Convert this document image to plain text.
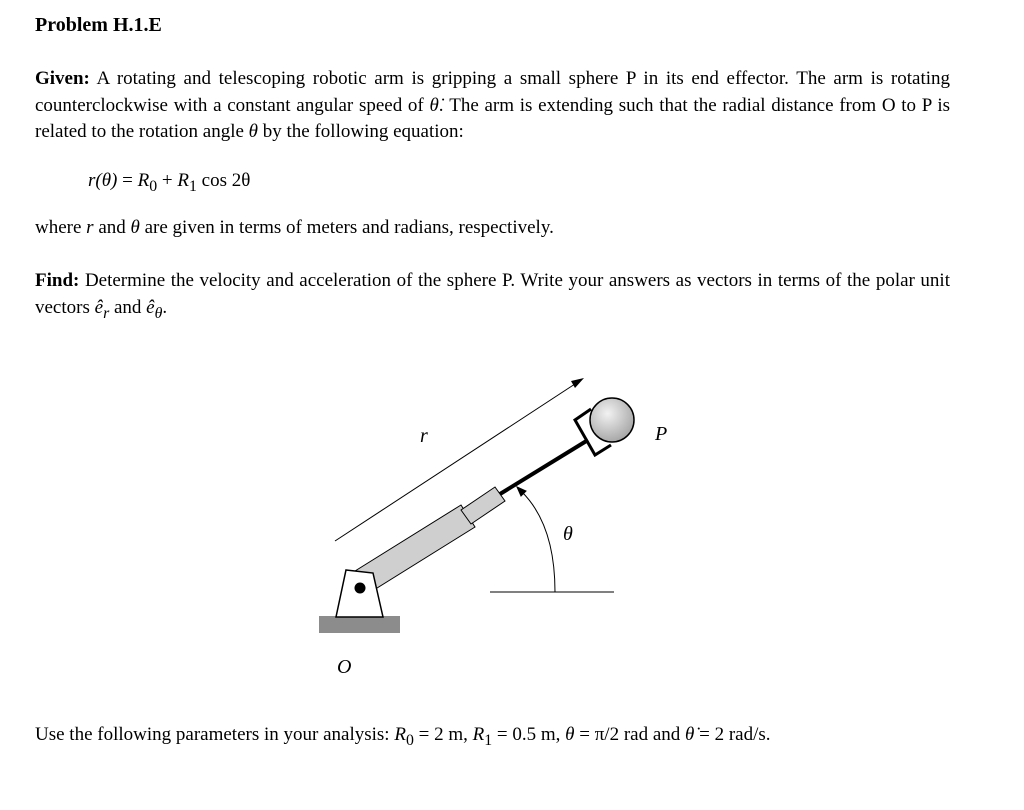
Problem H.1.E
Given: A rotating and telescoping robotic arm is gripping a small sphere P in its end effector. The arm is rotating counterclockwise with a constant angular speed of θ̇. The arm is extending such that the radial distance from O to P is related to the rotation angle θ by the following equation:
$r(\theta) = R_0 + R_1$ cos 2θ
where r and θ are given in terms of meters and radians, respectively.
Find: Determine the velocity and acceleration of the sphere P. Write your answers as vectors in terms of the polar unit vectors $ê_r$ and $ê_\theta$.
r	P
θ
O
Use the following parameters in your analysis: $R_0 = 2$ m, $R_1 = 0.5$ m, θ = π/2 rad and θ̇ = 2 rad/s.
